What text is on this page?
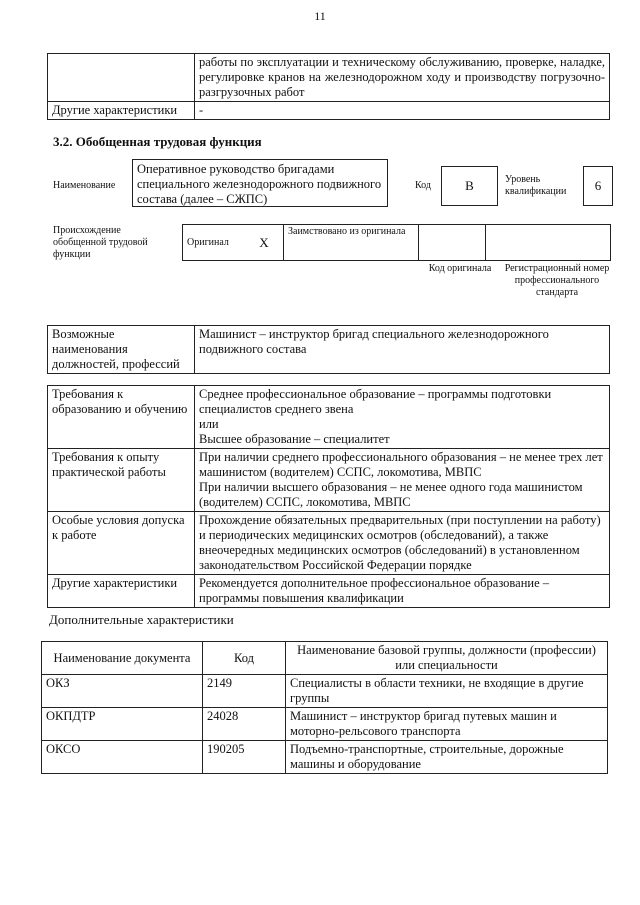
11
	работы по эксплуатации и техническому обслуживанию, проверке, наладке, регулировке кранов на железнодорожном ходу и производству погрузочно-разгрузочных работ
Другие характеристики	-
3.2. Обобщенная трудовая функция
Наименование
Оперативное руководство бригадами специального железнодорожного подвижного состава (далее – СЖПС)
Код	B	Уровень квалификации	6
Происхождение обобщенной трудовой функции
Оригинал	X	Заимствовано из оригинала		
Код оригинала	Регистрационный номер профессионального стандарта
Возможные наименования должностей, профессий	Машинист – инструктор бригад специального железнодорожного подвижного состава
Требования к образованию и обучению	Среднее профессиональное образование – программы подготовки специалистов среднего звена
или
Высшее образование – специалитет

Требования к опыту практической работы	При наличии среднего профессионального образования – не менее трех лет машинистом (водителем) ССПС, локомотива, МВПС
При наличии высшего образования – не менее одного года машинистом (водителем) ССПС, локомотива, МВПС

Особые условия допуска к работе	Прохождение обязательных предварительных (при поступлении на работу) и периодических медицинских осмотров (обследований), а также внеочередных медицинских осмотров (обследований) в установленном законодательством Российской Федерации порядке

Другие характеристики	Рекомендуется дополнительное профессиональное образование – программы повышения квалификации
Дополнительные характеристики
Наименование документа	Код	Наименование базовой группы, должности (профессии) или специальности
ОКЗ	2149	Специалисты в области техники, не входящие в другие группы
ОКПДТР	24028	Машинист – инструктор бригад путевых машин и моторно-рельсового транспорта
ОКСО	190205	Подъемно-транспортные, строительные, дорожные машины и оборудование
